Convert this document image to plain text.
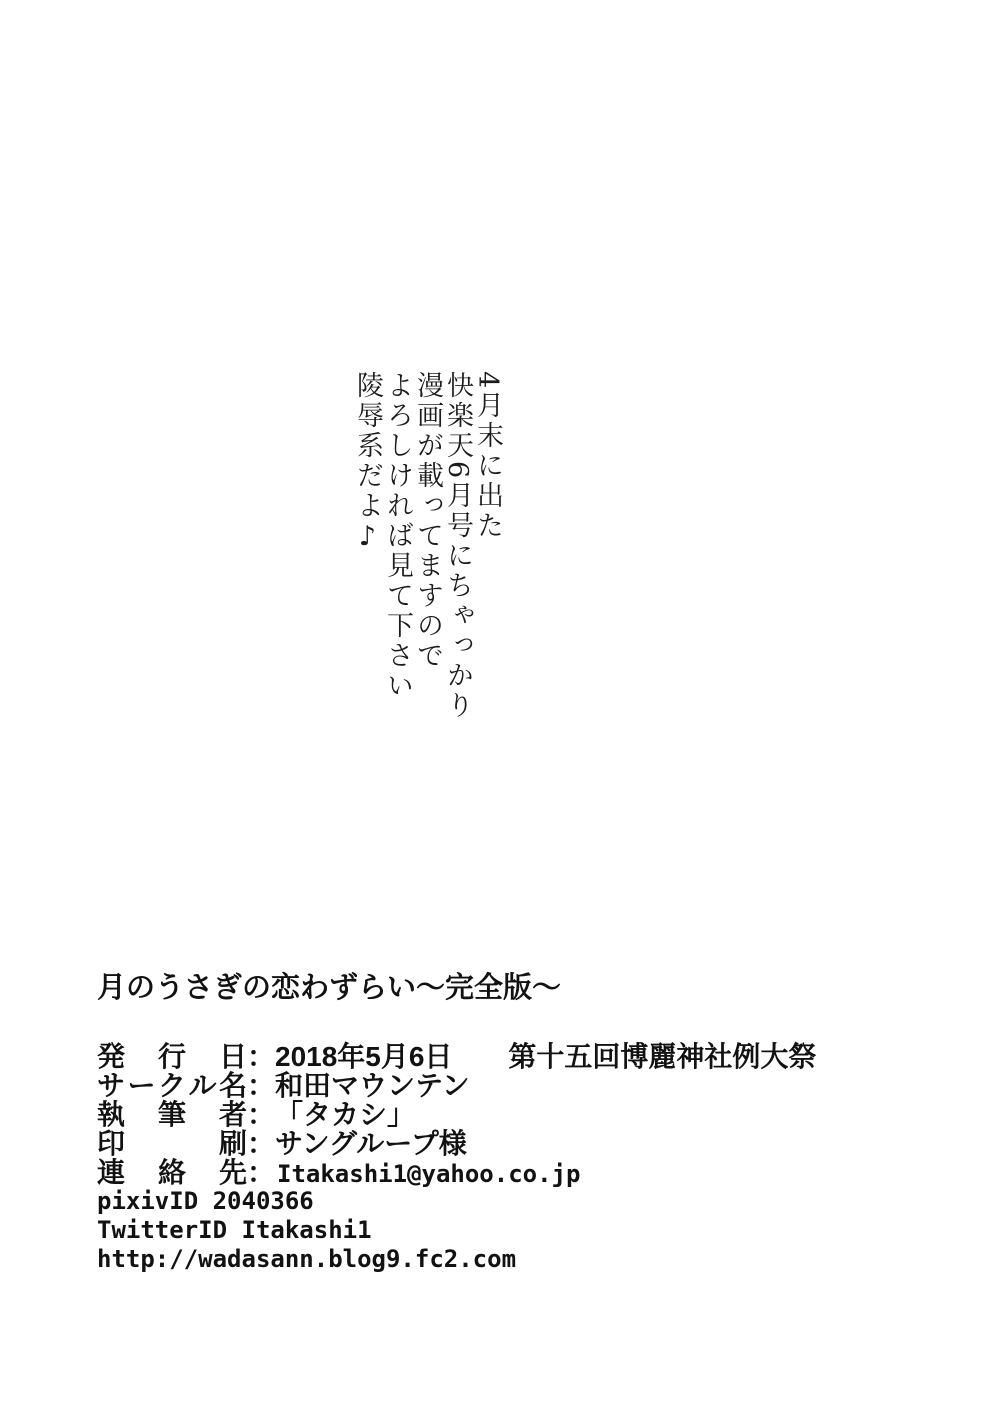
4月末に出た
快楽天6月号にちゃっかり
漫画が載ってますので
よろしければ見て下さい
陵辱系だよ♪
月のうさぎの恋わずらい～完全版～
発 行 日 ： 2018年5月6日　　第十五回博麗神社例大祭
サ ー ク ル 名 ： 和田マウンテン
執 筆 者 ： 「タカシ」
印	刷 ： サングループ様
連 絡 先 ： Itakashi1@yahoo.co.jp
pixivID 2040366
TwitterID Itakashi1
http://wadasann.blog9.fc2.com
